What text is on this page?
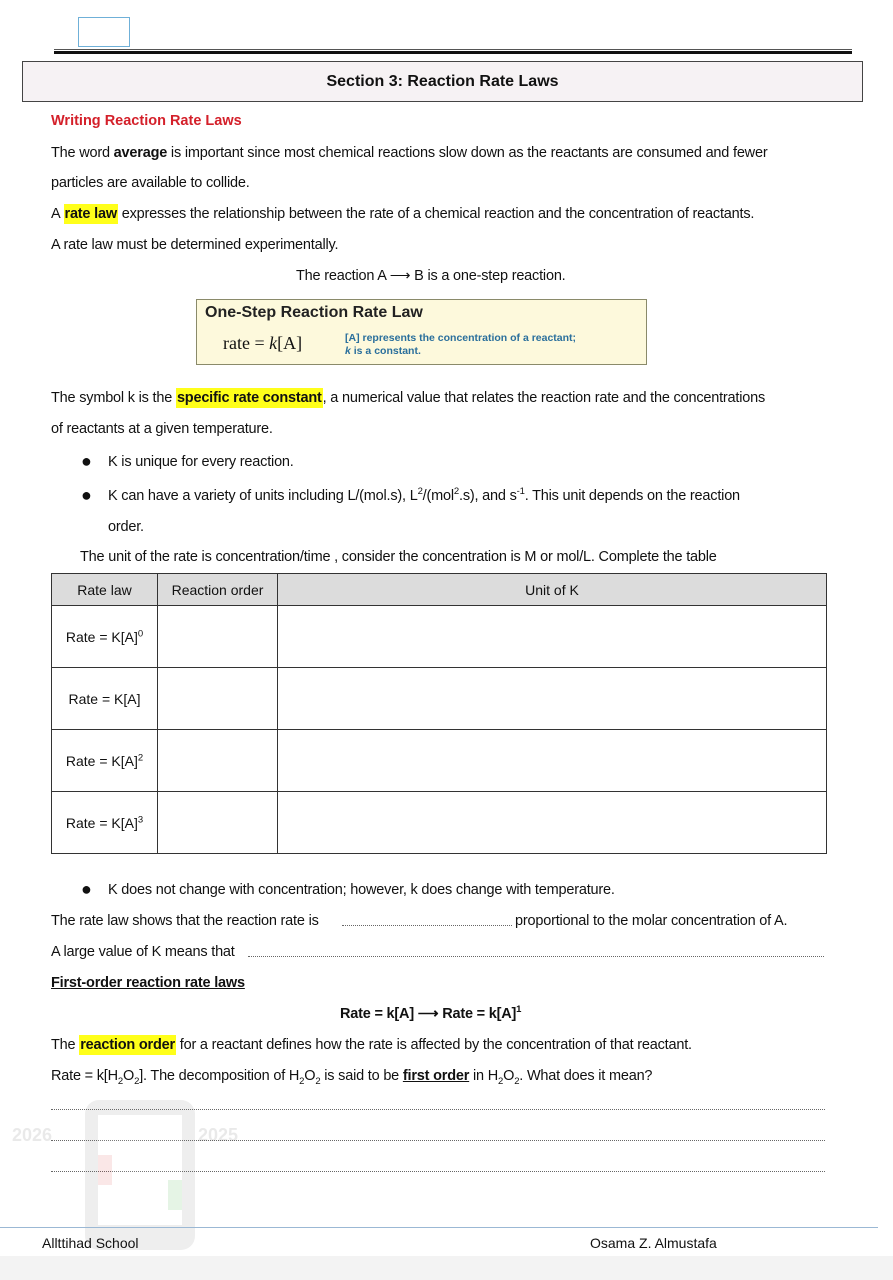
Section 3: Reaction Rate Laws
Writing Reaction Rate Laws
The word average is important since most chemical reactions slow down as the reactants are consumed and fewer
particles are available to collide.
A rate law expresses the relationship between the rate of a chemical reaction and the concentration of reactants.
A rate law must be determined experimentally.
The reaction A ⟶ B is a one-step reaction.
One-Step Reaction Rate Law
rate = k[A]	[A] represents the concentration of a reactant;
k is a constant.
The symbol k is the specific rate constant, a numerical value that relates the reaction rate and the concentrations
of reactants at a given temperature.
● K is unique for every reaction.
● K can have a variety of units including L/(mol.s), $L^2/(mol^2.s)$, and $s^{-1}$. This unit depends on the reaction
order.
The unit of the rate is concentration/time , consider the concentration is M or mol/L. Complete the table
Rate law	Reaction order	Unit of K
Rate = $K[A]^0$		
Rate = K[A]		
Rate = $K[A]^2$		
Rate = $K[A]^3$		
● K does not change with concentration; however, k does change with temperature.
The rate law shows that the reaction rate is	proportional to the molar concentration of A.
A large value of K means that
First-order reaction rate laws
Rate = k[A] ⟶ Rate = $k[A]^1$
The reaction order for a reactant defines how the rate is affected by the concentration of that reactant.
Rate = $k[H_2O_2]$. The decomposition of $H_2O_2$ is said to be first order in $H_2O_2$. What does it mean?
2026	2025
Allttihad School	Osama Z. Almustafa
